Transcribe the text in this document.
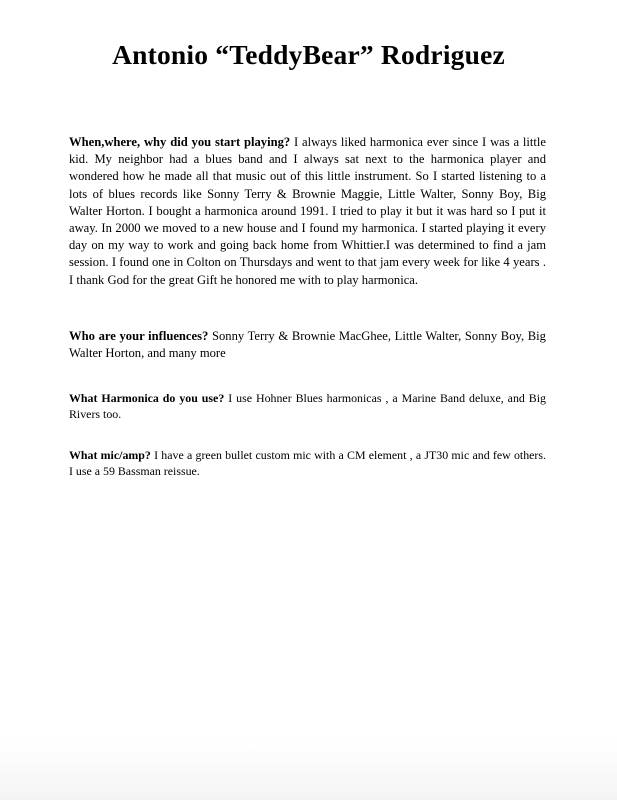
Antonio “TeddyBear” Rodriguez

When,where, why did you start playing? I always liked harmonica ever since I was a little kid. My neighbor had a blues band and I always sat next to the harmonica player and wondered how he made all that music out of this little instrument. So I started listening to a lots of blues records like Sonny Terry & Brownie Maggie, Little Walter, Sonny Boy, Big Walter Horton. I bought a harmonica around 1991. I tried to play it but it was hard so I put it away. In 2000 we moved to a new house and I found my harmonica. I started playing it every day on my way to work and going back home from Whittier.I was determined to find a jam session. I found one in Colton on Thursdays and went to that jam every week for like 4 years . I thank God for the great Gift he honored me with to play harmonica.

Who are your influences? Sonny Terry & Brownie MacGhee, Little Walter, Sonny Boy, Big Walter Horton, and many more

What Harmonica do you use? I use Hohner Blues harmonicas , a Marine Band deluxe, and Big Rivers too.

What mic/amp? I have a green bullet custom mic with a CM element , a JT30 mic and few others. I use a 59 Bassman reissue.
